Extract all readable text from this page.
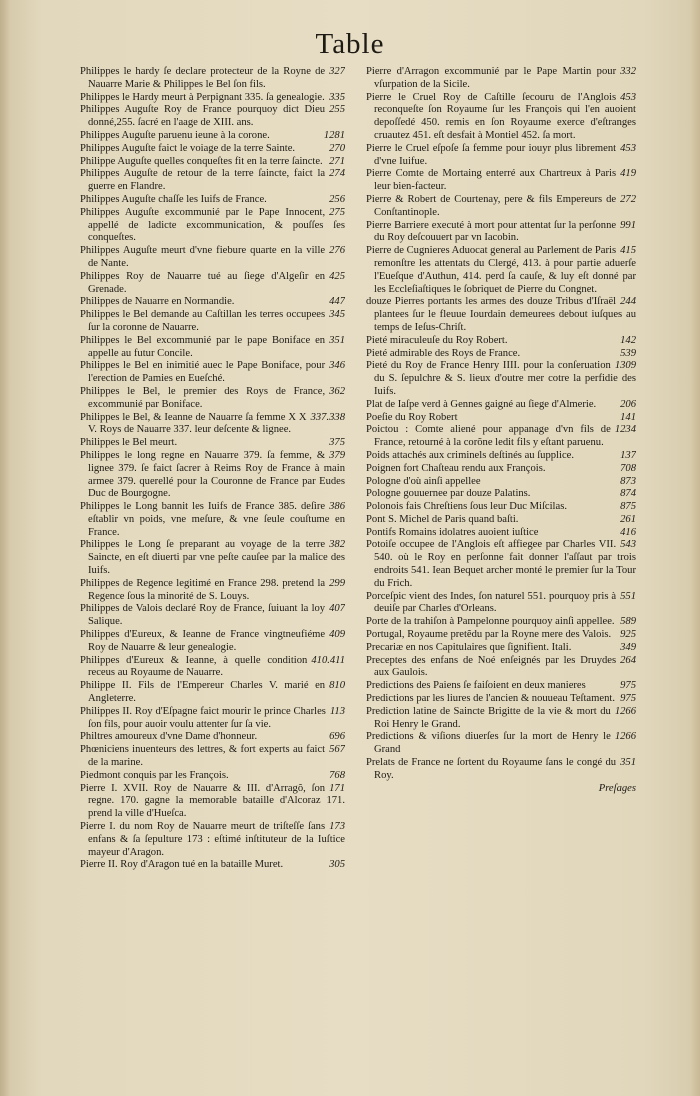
Table
327
Philippes le hardy ſe declare protecteur de la Royne de Nauarre Marie & Philippes le Bel ſon fils.
335
Philippes le Hardy meurt à Perpignant 335. ſa genealogie.
255
Philippes Auguſte Roy de France pourquoy dict Dieu donné,255. ſacré en l'aage de XIII. ans.
1281
Philippes Auguſte paruenu ieune à la corone.
270
Philippes Auguſte faict le voiage de la terre Sainte.
271
Philippe Auguſte quelles conqueſtes fit en la terre ſaincte.
274
Philippes Auguſte de retour de la terre ſaincte, faict la guerre en Flandre.
256
Philippes Auguſte chaſſe les Iuifs de France.
275
Philippes Auguſte excommunié par le Pape Innocent, appellé de ladicte excommunication, & pouſſes ſes conqueſtes.
276
Philippes Auguſte meurt d'vne fiebure quarte en la ville de Nante.
425
Philippes Roy de Nauarre tué au ſiege d'Algeſir en Grenade.
447
Philippes de Nauarre en Normandie.
345
Philippes le Bel demande au Caſtillan les terres occupees ſur la coronne de Nauarre.
351
Philippes le Bel excommunié par le pape Boniface en appelle au futur Concile.
346
Philippes le Bel en inimitié auec le Pape Boniface, pour l'erection de Pamies en Eueſché.
362
Philippes le Bel, le premier des Roys de France, excommunié par Boniface.
337.338
Philippes le Bel, & Ieanne de Nauarre ſa femme X X V. Roys de Nauarre 337. leur deſcente & lignee.
375
Philippes le Bel meurt.
379
Philippes le long regne en Nauarre 379. ſa femme, & lignee 379. ſe faict ſacrer à Reims Roy de France à main armee 379. querellé pour la Couronne de France par Eudes Duc de Bourgogne.
386
Philippes le Long bannit les Iuifs de France 385. deſire eſtablir vn poids, vne meſure, & vne ſeule couſtume en France.
382
Philippes le Long ſe preparant au voyage de la terre Saincte, en eſt diuerti par vne peſte cauſee par la malice des Iuifs.
299
Philippes de Regence legitimé en France 298. pretend la Regence ſous la minorité de S. Louys.
407
Philippes de Valois declaré Roy de France, ſuiuant la loy Salique.
409
Philippes d'Eureux, & Ieanne de France vingtneufiéme Roy de Nauarre & leur genealogie.
410.411
Philippes d'Eureux & Ieanne, à quelle condition receus au Royaume de Nauarre.
810
Philippe II. Fils de l'Empereur Charles V. marié en Angleterre.
113
Philippes II. Roy d'Eſpagne faict mourir le prince Charles ſon fils, pour auoir voulu attenter ſur ſa vie.
696
Philtres amoureux d'vne Dame d'honneur.
567
Phœniciens inuenteurs des lettres, & fort experts au faict de la marine.
768
Piedmont conquis par les François.
171
Pierre I. XVII. Roy de Nauarre & III. d'Arragõ, ſon regne. 170. gagne la memorable bataille d'Alcoraz 171. prend la ville d'Hueſca.
173
Pierre I. du nom Roy de Nauarre meurt de triſteſſe ſans enfans & ſa ſepulture 173 : eſtimé inſtituteur de la Iuſtice mayeur d'Aragon.
305
Pierre II. Roy d'Aragon tué en la bataille Muret.
332
Pierre d'Arragon excommunié par le Pape Martin pour vſurpation de la Sicile.
453
Pierre le Cruel Roy de Caſtille ſecouru de l'Anglois reconqueſte ſon Royaume ſur les François qui l'en auoient depoſſedé 450. remis en ſon Royaume exerce d'eſtranges cruautez 451. eſt desfait à Montiel 452. ſa mort.
453
Pierre le Cruel eſpoſe ſa femme pour iouyr plus librement d'vne Iuifue.
419
Pierre Comte de Mortaing enterré aux Chartreux à Paris leur bien-facteur.
272
Pierre & Robert de Courtenay, pere & fils Empereurs de Conſtantinople.
991
Pierre Barriere executé à mort pour attentat ſur la perſonne du Roy deſcouuert par vn Iacobin.
415
Pierre de Cugnieres Aduocat general au Parlement de Paris remonſtre les attentats du Clergé, 413. à pour partie aduerſe l'Eueſque d'Authun, 414. perd ſa cauſe, & luy eſt donné par les Eccleſiaſtiques le ſobriquet de Pierre du Congnet.
244
douze Pierres portants les armes des douze Tribus d'Iſraël plantees ſur le fleuue Iourdain demeurees debout iuſques au temps de Ieſus-Chriſt.
142
Pieté miraculeuſe du Roy Robert.
539
Pieté admirable des Roys de France.
1309
Pieté du Roy de France Henry IIII. pour la conſeruation du S. ſepulchre & S. lieux d'outre mer cotre la perfidie des Iuifs.
206
Plat de Iaſpe verd à Gennes gaigné au ſiege d'Almerie.
141
Poeſie du Roy Robert
1234
Poictou : Comte aliené pour appanage d'vn fils de France, retourné à la corõne ledit fils y eſtant paruenu.
137
Poids attachés aux criminels deſtinés au ſupplice.
708
Poignen fort Chaſteau rendu aux François.
873
Pologne d'où ainſi appellee
874
Pologne gouuernee par douze Palatins.
875
Polonois fais Chreſtiens ſous leur Duc Miſcilas.
261
Pont S. Michel de Paris quand baſti.
416
Pontifs Romains idolatres auoient iuſtice
543
Potoiſe occupee de l'Anglois eſt affiegee par Charles VII. 540. où le Roy en perſonne fait donner l'aſſaut par trois endroits 541. Iean Bequet archer monté le premier ſur la Tour du Frich.
551
Porceſpic vient des Indes, ſon naturel 551. pourquoy pris à deuiſe par Charles d'Orleans.
589
Porte de la trahiſon à Pampelonne pourquoy ainſi appellee.
925
Portugal, Royaume pretẽdu par la Royne mere des Valois.
349
Precariæ en nos Capitulaires que ſignifient. Itali.
264
Preceptes des enfans de Noé enſeignés par les Druydes aux Gaulois.
975
Predictions des Paiens ſe faiſoient en deux manieres
975
Predictions par les liures de l'ancien & nouueau Teſtament.
1266
Prediction latine de Saincte Brigitte de la vie & mort du Roi Henry le Grand.
1266
Predictions & viſions diuerſes ſur la mort de Henry le Grand
351
Prelats de France ne ſortent du Royaume ſans le congé du Roy.
Preſages
